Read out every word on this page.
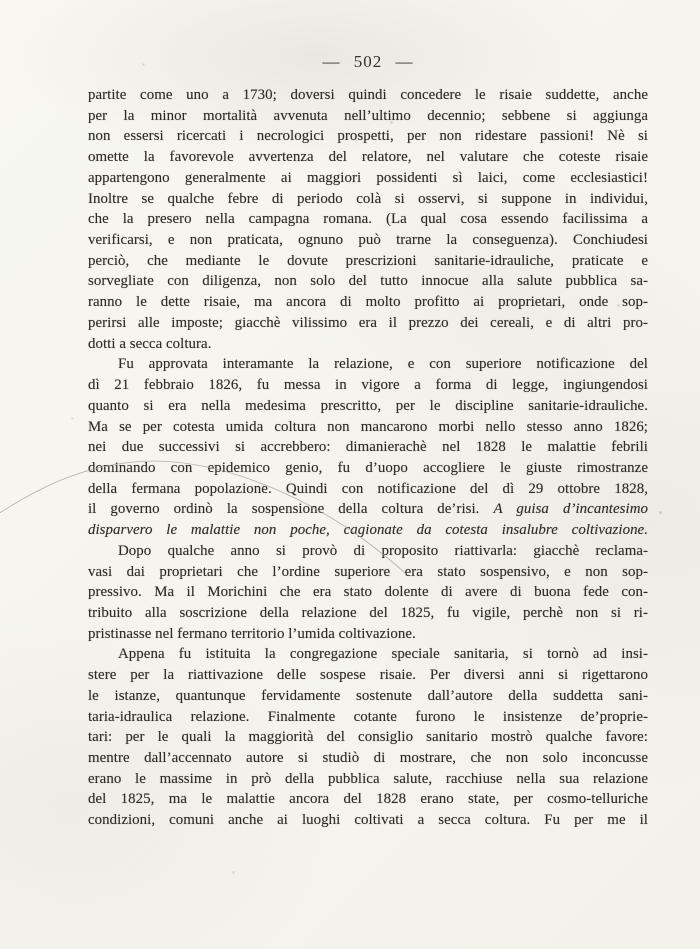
— 502 —
partite come uno a 1730; doversi quindi concedere le risaie suddette, anche
per la minor mortalità avvenuta nell’ultimo decennio; sebbene si aggiunga
non essersi ricercati i necrologici prospetti, per non ridestare passioni! Nè si
omette la favorevole avvertenza del relatore, nel valutare che coteste risaie
appartengono generalmente ai maggiori possidenti sì laici, come ecclesiastici!
Inoltre se qualche febre di periodo colà si osservi, si suppone in individui,
che la presero nella campagna romana. (La qual cosa essendo facilissima a
verificarsi, e non praticata, ognuno può trarne la conseguenza). Conchiudesi
perciò, che mediante le dovute prescrizioni sanitarie-idrauliche, praticate e
sorvegliate con diligenza, non solo del tutto innocue alla salute pubblica sa-
ranno le dette risaie, ma ancora di molto profitto ai proprietari, onde sop-
perirsi alle imposte; giacchè vilissimo era il prezzo dei cereali, e di altri pro-
dotti a secca coltura.
Fu approvata interamante la relazione, e con superiore notificazione del
dì 21 febbraio 1826, fu messa in vigore a forma di legge, ingiungendosi
quanto si era nella medesima prescritto, per le discipline sanitarie-idrauliche.
Ma se per cotesta umida coltura non mancarono morbi nello stesso anno 1826;
nei due successivi si accrebbero: dimanierachè nel 1828 le malattie febrili
dominando con epidemico genio, fu d’uopo accogliere le giuste rimostranze
della fermana popolazione. Quindi con notificazione del dì 29 ottobre 1828,
il governo ordinò la sospensione della coltura de’risi. A guisa d’incantesimo
disparvero le malattie non poche, cagionate da cotesta insalubre coltivazione.
Dopo qualche anno si provò di proposito riattivarla: giacchè reclama-
vasi dai proprietari che l’ordine superiore era stato sospensivo, e non sop-
pressivo. Ma il Morichini che era stato dolente di avere di buona fede con-
tribuito alla soscrizione della relazione del 1825, fu vigile, perchè non si ri-
pristinasse nel fermano territorio l’umida coltivazione.
Appena fu istituita la congregazione speciale sanitaria, si tornò ad insi-
stere per la riattivazione delle sospese risaie. Per diversi anni si rigettarono
le istanze, quantunque fervidamente sostenute dall’autore della suddetta sani-
taria-idraulica relazione. Finalmente cotante furono le insistenze de’proprie-
tari: per le quali la maggiorità del consiglio sanitario mostrò qualche favore:
mentre dall’accennato autore si studiò di mostrare, che non solo inconcusse
erano le massime in prò della pubblica salute, racchiuse nella sua relazione
del 1825, ma le malattie ancora del 1828 erano state, per cosmo-telluriche
condizioni, comuni anche ai luoghi coltivati a secca coltura. Fu per me il
